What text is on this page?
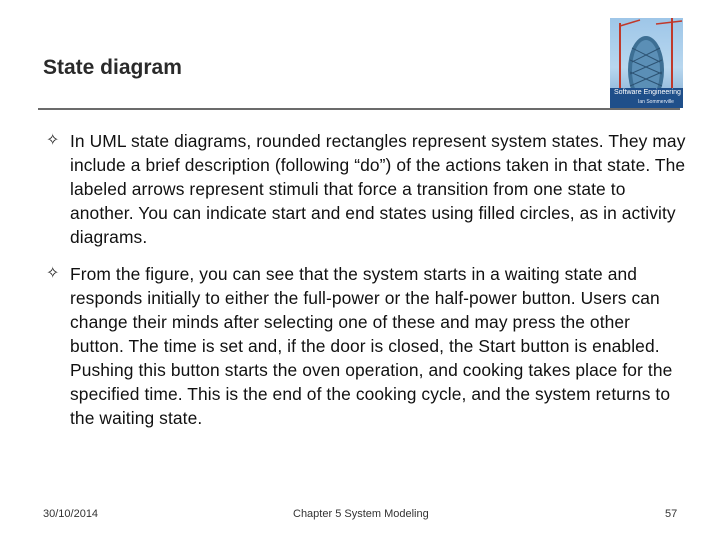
State diagram
Software Engineering
Ian Sommerville
✧ In UML state diagrams, rounded rectangles represent system states. They may include a brief description (following “do”) of the actions taken in that state. The labeled arrows represent stimuli that force a transition from one state to another. You can indicate start and end states using filled circles, as in activity diagrams.
✧ From the figure, you can see that the system starts in a waiting state and responds initially to either the full-power or the half-power button. Users can change their minds after selecting one of these and may press the other button. The time is set and, if the door is closed, the Start button is enabled. Pushing this button starts the oven operation, and cooking takes place for the specified time. This is the end of the cooking cycle, and the system returns to the waiting state.
30/10/2014	Chapter 5 System Modeling	57
